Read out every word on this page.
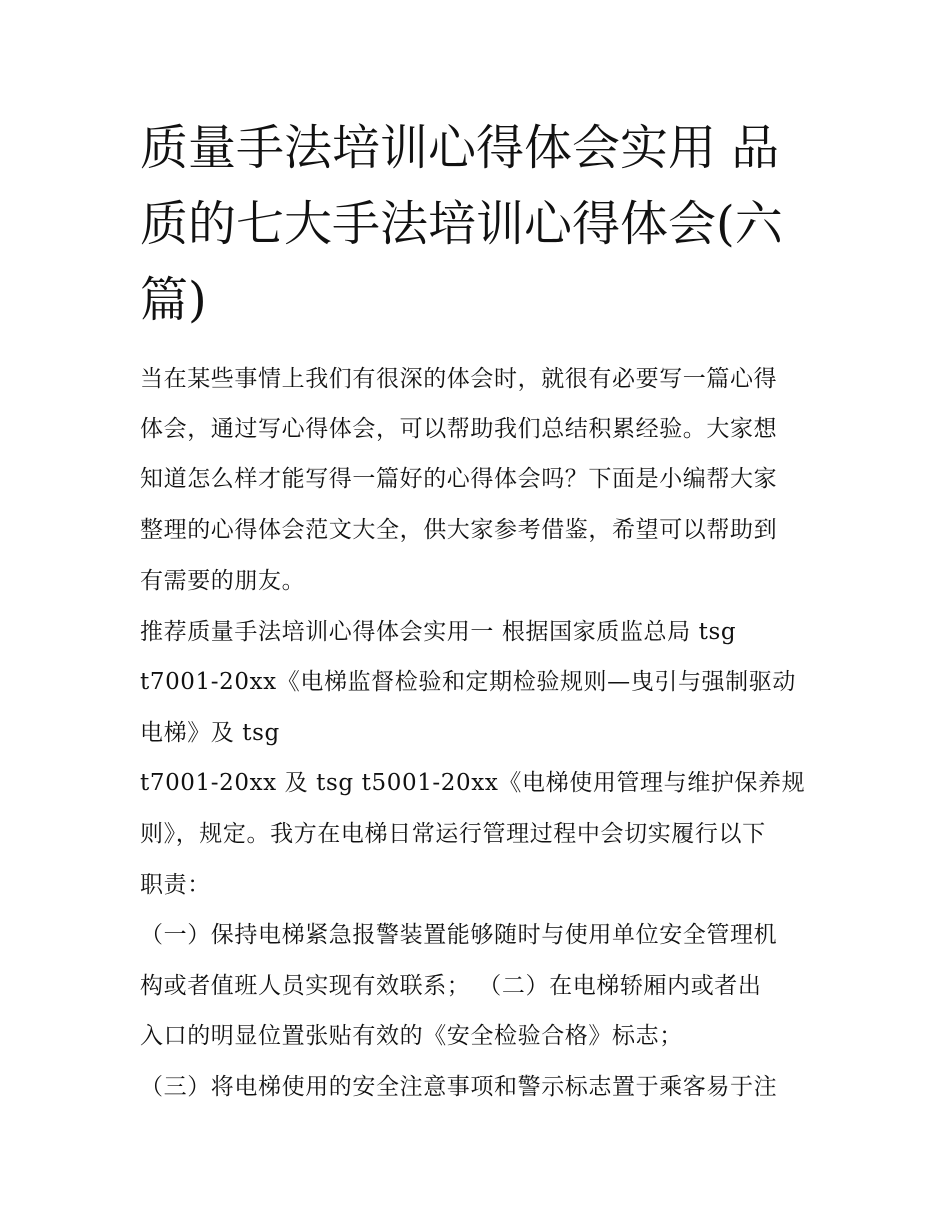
质量手法培训心得体会实用 品质的七大手法培训心得体会(六篇)

当在某些事情上我们有很深的体会时，就很有必要写一篇心得

体会，通过写心得体会，可以帮助我们总结积累经验。大家想

知道怎么样才能写得一篇好的心得体会吗？下面是小编帮大家

整理的心得体会范文大全，供大家参考借鉴，希望可以帮助到

有需要的朋友。

推荐质量手法培训心得体会实用一 根据国家质监总局 tsg

t7001-20xx《电梯监督检验和定期检验规则—曳引与强制驱动

电梯》及 tsg

t7001-20xx 及 tsg t5001-20xx《电梯使用管理与维护保养规

则》，规定。我方在电梯日常运行管理过程中会切实履行以下

职责：

（一）保持电梯紧急报警装置能够随时与使用单位安全管理机

构或者值班人员实现有效联系； （二）在电梯轿厢内或者出

入口的明显位置张贴有效的《安全检验合格》标志；

（三）将电梯使用的安全注意事项和警示标志置于乘客易于注
